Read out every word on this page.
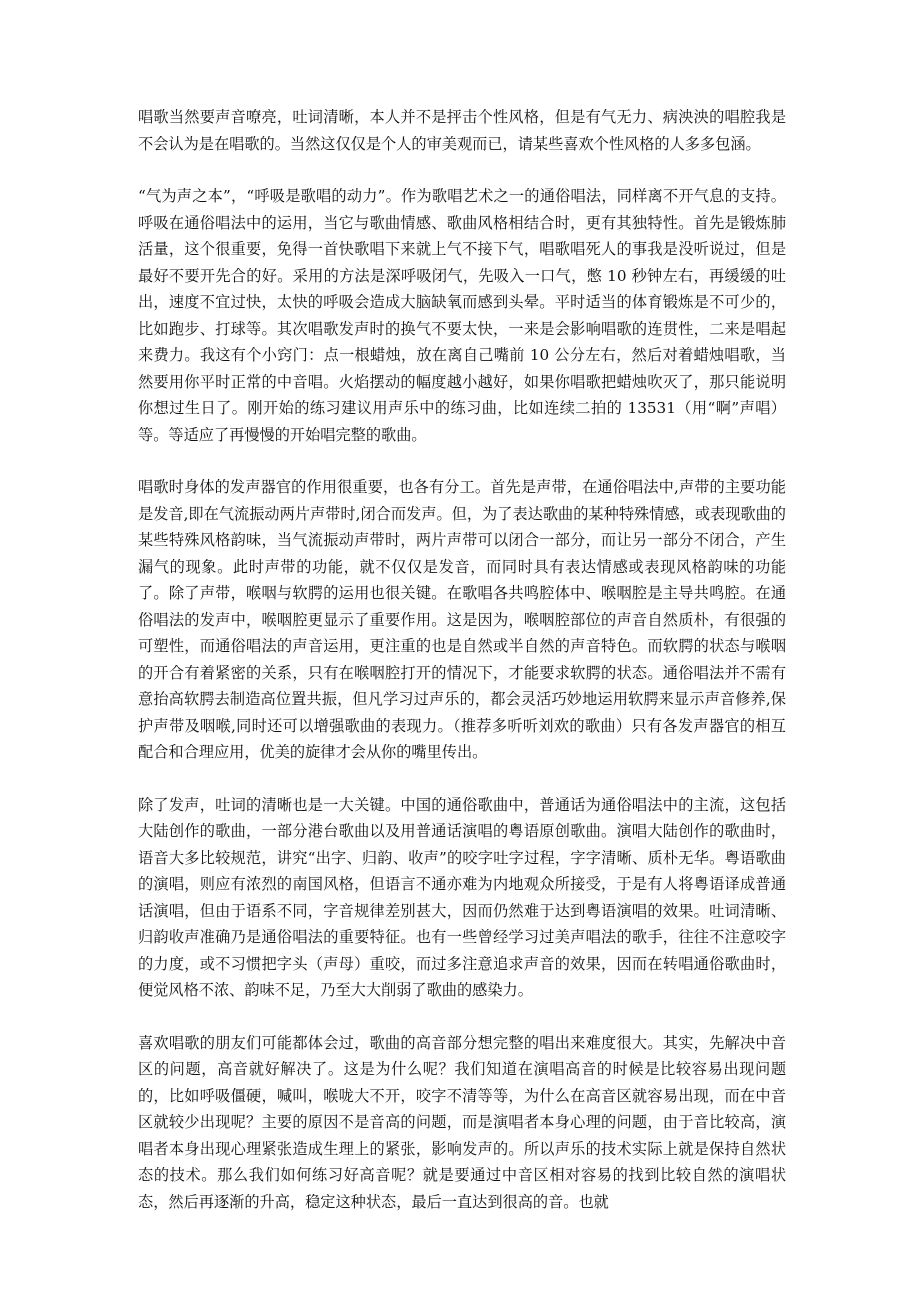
唱歌当然要声音嘹亮，吐词清晰，本人并不是抨击个性风格，但是有气无力、病泱泱的唱腔我是不会认为是在唱歌的。当然这仅仅是个人的审美观而已，请某些喜欢个性风格的人多多包涵。

“气为声之本”，“呼吸是歌唱的动力”。作为歌唱艺术之一的通俗唱法，同样离不开气息的支持。呼吸在通俗唱法中的运用，当它与歌曲情感、歌曲风格相结合时，更有其独特性。首先是锻炼肺活量，这个很重要，免得一首快歌唱下来就上气不接下气，唱歌唱死人的事我是没听说过，但是最好不要开先合的好。采用的方法是深呼吸闭气，先吸入一口气，憋 10 秒钟左右，再缓缓的吐出，速度不宜过快，太快的呼吸会造成大脑缺氧而感到头晕。平时适当的体育锻炼是不可少的，比如跑步、打球等。其次唱歌发声时的换气不要太快，一来是会影响唱歌的连贯性，二来是唱起来费力。我这有个小窍门：点一根蜡烛，放在离自己嘴前 10 公分左右，然后对着蜡烛唱歌，当然要用你平时正常的中音唱。火焰摆动的幅度越小越好，如果你唱歌把蜡烛吹灭了，那只能说明你想过生日了。刚开始的练习建议用声乐中的练习曲，比如连续二拍的 13531（用“啊”声唱）等。等适应了再慢慢的开始唱完整的歌曲。

唱歌时身体的发声器官的作用很重要，也各有分工。首先是声带，在通俗唱法中,声带的主要功能是发音,即在气流振动两片声带时,闭合而发声。但，为了表达歌曲的某种特殊情感，或表现歌曲的某些特殊风格韵味，当气流振动声带时，两片声带可以闭合一部分，而让另一部分不闭合，产生漏气的现象。此时声带的功能，就不仅仅是发音，而同时具有表达情感或表现风格韵味的功能了。除了声带，喉咽与软腭的运用也很关键。在歌唱各共鸣腔体中、喉咽腔是主导共鸣腔。在通俗唱法的发声中，喉咽腔更显示了重要作用。这是因为，喉咽腔部位的声音自然质朴，有很强的可塑性，而通俗唱法的声音运用，更注重的也是自然或半自然的声音特色。而软腭的状态与喉咽的开合有着紧密的关系，只有在喉咽腔打开的情况下，才能要求软腭的状态。通俗唱法并不需有意抬高软腭去制造高位置共振，但凡学习过声乐的，都会灵活巧妙地运用软腭来显示声音修养,保护声带及咽喉,同时还可以增强歌曲的表现力。（推荐多听听刘欢的歌曲）只有各发声器官的相互配合和合理应用，优美的旋律才会从你的嘴里传出。

除了发声，吐词的清晰也是一大关键。中国的通俗歌曲中，普通话为通俗唱法中的主流，这包括大陆创作的歌曲，一部分港台歌曲以及用普通话演唱的粤语原创歌曲。演唱大陆创作的歌曲时，语音大多比较规范，讲究“出字、归韵、收声”的咬字吐字过程，字字清晰、质朴无华。粤语歌曲的演唱，则应有浓烈的南国风格，但语言不通亦难为内地观众所接受，于是有人将粤语译成普通话演唱，但由于语系不同，字音规律差别甚大，因而仍然难于达到粤语演唱的效果。吐词清晰、归韵收声准确乃是通俗唱法的重要特征。也有一些曾经学习过美声唱法的歌手，往往不注意咬字的力度，或不习惯把字头（声母）重咬，而过多注意追求声音的效果，因而在转唱通俗歌曲时，便觉风格不浓、韵味不足，乃至大大削弱了歌曲的感染力。

喜欢唱歌的朋友们可能都体会过，歌曲的高音部分想完整的唱出来难度很大。其实，先解决中音区的问题，高音就好解决了。这是为什么呢？我们知道在演唱高音的时候是比较容易出现问题的，比如呼吸僵硬，喊叫，喉咙大不开，咬字不清等等，为什么在高音区就容易出现，而在中音区就较少出现呢？主要的原因不是音高的问题，而是演唱者本身心理的问题，由于音比较高，演唱者本身出现心理紧张造成生理上的紧张，影响发声的。所以声乐的技术实际上就是保持自然状态的技术。那么我们如何练习好高音呢？就是要通过中音区相对容易的找到比较自然的演唱状态，然后再逐渐的升高，稳定这种状态，最后一直达到很高的音。也就
